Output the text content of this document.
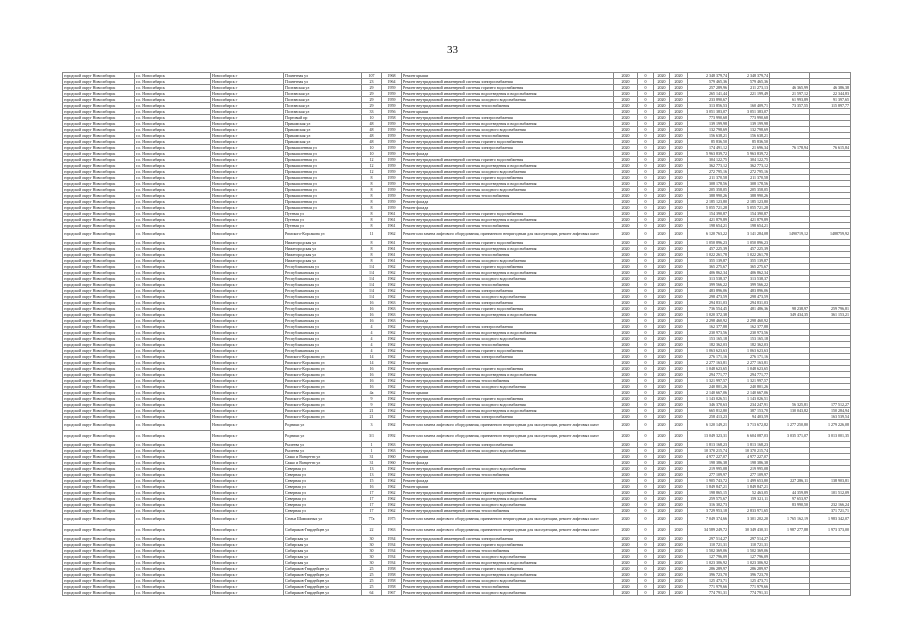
33
городской округ Новосибирск	г.о. Новосибирск	Новосибирск г	Планетная ул	107	1968	Ремонт крыши	2020	0	2020	2020	2 348 379,74	2 348 379,74		
городской округ Новосибирск	г.о. Новосибирск	Новосибирск г	Планетная ул	23	1964	Ремонт внутридомовой инженерной системы электроснабжения	2020	0	2020	2020	579 465,36	579 465,36		
городской округ Новосибирск	г.о. Новосибирск	Новосибирск г	Полтавская ул	29	1959	Ремонт внутридомовой инженерной системы горячего водоснабжения	2020	0	2020	2020	257 289,96	211 273,13	46 365,99	46 386,38
городской округ Новосибирск	г.о. Новосибирск	Новосибирск г	Полтавская ул	29	1959	Ремонт внутридомовой инженерной системы водоотведения и водоснабжения	2020	0	2020	2020	265 141,44	221 199,49	21 597,12	22 344,83
городской округ Новосибирск	г.о. Новосибирск	Новосибирск г	Полтавская ул	29	1959	Ремонт внутридомовой инженерной системы холодного водоснабжения	2020	0	2020	2020	233 890,67		61 993,89	91 397,65
городской округ Новосибирск	г.о. Новосибирск	Новосибирск г	Полтавская ул	29	1959	Ремонт внутридомовой инженерной системы теплоснабжения	2020	0	2020	2020	313 856,53	160 409,71	73 357,55	115 897,77
городской округ Новосибирск	г.о. Новосибирск	Новосибирск г	Полтавская ул	33	1956	Ремонт крыши	2020	0	2020	2020	3 051 383,07	3 051 383,07		
городской округ Новосибирск	г.о. Новосибирск	Новосибирск г	Портовый пр	10	1958	Ремонт внутридомовой инженерной системы электроснабжения	2020	0	2020	2020	773 990,68	773 990,68		
городской округ Новосибирск	г.о. Новосибирск	Новосибирск г	Прикамская ул	48	1959	Ремонт внутридомовой инженерной системы водоотведения и водоснабжения	2020	0	2020	2020	139 199,98	139 199,98		
городской округ Новосибирск	г.о. Новосибирск	Новосибирск г	Прикамская ул	48	1959	Ремонт внутридомовой инженерной системы холодного водоснабжения	2020	0	2020	2020	132 798,69	132 798,69		
городской округ Новосибирск	г.о. Новосибирск	Новосибирск г	Прикамская ул	48	1959	Ремонт внутридомовой инженерной системы теплоснабжения	2020	0	2020	2020	156 638,21	156 638,21		
городской округ Новосибирск	г.о. Новосибирск	Новосибирск г	Прикамская ул	48	1959	Ремонт внутридомовой инженерной системы горячего водоснабжения	2020	0	2020	2020	85 836,50	85 836,50		
городской округ Новосибирск	г.о. Новосибирск	Новосибирск г	Промышленная ул	10	1959	Ремонт внутридомовой инженерной системы электроснабжения	2020	0	2020	2020	174 491,12	21 696,34	76 178,94	76 615,84
городской округ Новосибирск	г.о. Новосибирск	Новосибирск г	Промышленная ул	10	1959	Ремонт фасада	2020	0	2020	2020	5 963 839,72	5 963 839,72		
городской округ Новосибирск	г.о. Новосибирск	Новосибирск г	Промышленная ул	12	1959	Ремонт внутридомовой инженерной системы горячего водоснабжения	2020	0	2020	2020	304 122,75	304 122,75		
городской округ Новосибирск	г.о. Новосибирск	Новосибирск г	Промышленная ул	12	1959	Ремонт внутридомовой инженерной системы водоотведения и водоснабжения	2020	0	2020	2020	362 773,12	362 773,12		
городской округ Новосибирск	г.о. Новосибирск	Новосибирск г	Промышленная ул	12	1959	Ремонт внутридомовой инженерной системы холодного водоснабжения	2020	0	2020	2020	272 795,16	272 795,16		
городской округ Новосибирск	г.о. Новосибирск	Новосибирск г	Промышленная ул	8	1959	Ремонт внутридомовой инженерной системы горячего водоснабжения	2020	0	2020	2020	211 370,58	211 370,58		
городской округ Новосибирск	г.о. Новосибирск	Новосибирск г	Промышленная ул	8	1959	Ремонт внутридомовой инженерной системы водоотведения и водоснабжения	2020	0	2020	2020	308 178,56	308 178,56		
городской округ Новосибирск	г.о. Новосибирск	Новосибирск г	Промышленная ул	8	1959	Ремонт внутридомовой инженерной системы холодного водоснабжения	2020	0	2020	2020	205 358,05	205 358,05		
городской округ Новосибирск	г.о. Новосибирск	Новосибирск г	Промышленная ул	8	1959	Ремонт внутридомовой инженерной системы теплоснабжения	2020	0	2020	2020	388 990,26	388 990,26		
городской округ Новосибирск	г.о. Новосибирск	Новосибирск г	Промышленная ул	8	1959	Ремонт фасада	2020	0	2020	2020	2 185 123,80	2 185 123,80		
городской округ Новосибирск	г.о. Новосибирск	Новосибирск г	Промышленная ул	8	1959	Ремонт фасада	2020	0	2020	2020	5 055 721,28	5 055 721,28		
городской округ Новосибирск	г.о. Новосибирск	Новосибирск г	Путевая ул	8	1961	Ремонт внутридомовой инженерной системы горячего водоснабжения	2020	0	2020	2020	154 390,87	154 390,87		
городской округ Новосибирск	г.о. Новосибирск	Новосибирск г	Путевая ул	8	1961	Ремонт внутридомовой инженерной системы водоотведения и водоснабжения	2020	0	2020	2020	421 879,89	421 879,89		
городской округ Новосибирск	г.о. Новосибирск	Новосибирск г	Путевая ул	8	1961	Ремонт внутридомовой инженерной системы теплоснабжения	2020	0	2020	2020	198 654,21	198 654,21		
городской округ Новосибирск	г.о. Новосибирск	Новосибирск г	Римского-Корсакова ул	11	1962	Ремонт или замена лифтового оборудования, признанного непригодным для эксплуатации, ремонт лифтовых шахт	2020	0	2020	2020	6 120 763,22	3 141 284,08	1490719,12	1488759,92
городской округ Новосибирск	г.о. Новосибирск	Новосибирск г	Нижегородская ул	8	1961	Ремонт внутридомовой инженерной системы горячего водоснабжения	2020	0	2020	2020	1 050 896,23	1 050 896,23		
городской округ Новосибирск	г.о. Новосибирск	Новосибирск г	Нижегородская ул	8	1961	Ремонт внутридомовой инженерной системы водоотведения и водоснабжения	2020	0	2020	2020	457 225,39	457 225,39		
городской округ Новосибирск	г.о. Новосибирск	Новосибирск г	Нижегородская ул	8	1961	Ремонт внутридомовой инженерной системы теплоснабжения	2020	0	2020	2020	1 022 261,78	1 022 261,78		
городской округ Новосибирск	г.о. Новосибирск	Новосибирск г	Нижегородская ул	8	1961	Ремонт внутридомовой инженерной системы холодного водоснабжения	2020	0	2020	2020	355 139,87	355 139,87		
городской округ Новосибирск	г.о. Новосибирск	Новосибирск г	Республиканская ул	1/4	1962	Ремонт внутридомовой инженерной системы горячего водоснабжения	2020	0	2020	2020	365 275,67	365 275,67		
городской округ Новосибирск	г.о. Новосибирск	Новосибирск г	Республиканская ул	1/4	1962	Ремонт внутридомовой инженерной системы водоотведения и водоснабжения	2020	0	2020	2020	406 862,34	406 862,34		
городской округ Новосибирск	г.о. Новосибирск	Новосибирск г	Республиканская ул	1/4	1962	Ремонт внутридомовой инженерной системы холодного водоснабжения	2020	0	2020	2020	313 538,37	313 538,37		
городской округ Новосибирск	г.о. Новосибирск	Новосибирск г	Республиканская ул	1/4	1962	Ремонт внутридомовой инженерной системы теплоснабжения	2020	0	2020	2020	399 566,22	399 566,22		
городской округ Новосибирск	г.о. Новосибирск	Новосибирск г	Республиканская ул	1/4	1962	Ремонт внутридомовой инженерной системы электроснабжения	2020	0	2020	2020	483 896,06	483 896,06		
городской округ Новосибирск	г.о. Новосибирск	Новосибирск г	Республиканская ул	1/4	1962	Ремонт внутридомовой инженерной системы холодного водоснабжения	2020	0	2020	2020	298 473,59	298 473,59		
городской округ Новосибирск	г.о. Новосибирск	Новосибирск г	Республиканская ул	16	1963	Ремонт внутридомовой инженерной системы электроснабжения	2020	0	2020	2020	294 831,03	294 831,03		
городской округ Новосибирск	г.о. Новосибирск	Новосибирск г	Республиканская ул	16	1963	Ремонт внутридомовой инженерной системы горячего водоснабжения	2020	0	2020	2020	736 554,45	481 486,36	98 238,97	259 796,81
городской округ Новосибирск	г.о. Новосибирск	Новосибирск г	Республиканская ул	16	1963	Ремонт внутридомовой инженерной системы водоотведения и водоснабжения	2020	0	2020	2020	1 020 372,38		349 434,35	361 153,21
городской округ Новосибирск	г.о. Новосибирск	Новосибирск г	Республиканская ул	16	1963	Ремонт фасада	2020	0	2020	2020	2 298 460,92	2 298 460,92		
городской округ Новосибирск	г.о. Новосибирск	Новосибирск г	Республиканская ул	4	1962	Ремонт внутридомовой инженерной системы электроснабжения	2020	0	2020	2020	162 377,88	162 377,88		
городской округ Новосибирск	г.о. Новосибирск	Новосибирск г	Республиканская ул	4	1962	Ремонт внутридомовой инженерной системы водоотведения и водоснабжения	2020	0	2020	2020	230 973,56	230 973,56		
городской округ Новосибирск	г.о. Новосибирск	Новосибирск г	Республиканская ул	4	1962	Ремонт внутридомовой инженерной системы холодного водоснабжения	2020	0	2020	2020	153 165,18	153 165,18		
городской округ Новосибирск	г.о. Новосибирск	Новосибирск г	Республиканская ул	4	1962	Ремонт внутридомовой инженерной системы теплоснабжения	2020	0	2020	2020	182 362,03	182 362,03		
городской округ Новосибирск	г.о. Новосибирск	Новосибирск г	Республиканская ул	4	1962	Ремонт внутридомовой инженерной системы горячего водоснабжения	2020	0	2020	2020	1 063 623,63	1 063 623,63		
городской округ Новосибирск	г.о. Новосибирск	Новосибирск г	Римского-Корсакова ул	14	1962	Ремонт внутридомовой инженерной системы электроснабжения	2020	0	2020	2020	276 171,16	276 171,16		
городской округ Новосибирск	г.о. Новосибирск	Новосибирск г	Римского-Корсакова ул	14	1962	Ремонт крыши	2020	0	2020	2020	2 277 163,81	2 277 163,81		
городской округ Новосибирск	г.о. Новосибирск	Новосибирск г	Римского-Корсакова ул	16	1962	Ремонт внутридомовой инженерной системы горячего водоснабжения	2020	0	2020	2020	1 048 623,65	1 048 623,65		
городской округ Новосибирск	г.о. Новосибирск	Новосибирск г	Римского-Корсакова ул	16	1962	Ремонт внутридомовой инженерной системы водоотведения и водоснабжения	2020	0	2020	2020	294 771,77	294 771,77		
городской округ Новосибирск	г.о. Новосибирск	Новосибирск г	Римского-Корсакова ул	16	1962	Ремонт внутридомовой инженерной системы теплоснабжения	2020	0	2020	2020	1 321 997,57	1 321 997,57		
городской округ Новосибирск	г.о. Новосибирск	Новосибирск г	Римского-Корсакова ул	16	1962	Ремонт внутридомовой инженерной системы холодного водоснабжения	2020	0	2020	2020	240 801,26	240 801,26		
городской округ Новосибирск	г.о. Новосибирск	Новосибирск г	Римского-Корсакова ул	4а	1962	Ремонт крыши	2020	0	2020	2020	2 140 667,06	2 140 667,06		
городской округ Новосибирск	г.о. Новосибирск	Новосибирск г	Римского-Корсакова ул	9	1962	Ремонт внутридомовой инженерной системы горячего водоснабжения	2020	0	2020	2020	1 143 026,51	1 143 026,51		
городской округ Новосибирск	г.о. Новосибирск	Новосибирск г	Римского-Корсакова ул	9	1962	Ремонт внутридомовой инженерной системы холодного водоснабжения	2020	0	2020	2020	346 370,63	234 247,91	56 325,81	177 512,27
городской округ Новосибирск	г.о. Новосибирск	Новосибирск г	Римского-Корсакова ул	21	1962	Ремонт внутридомовой инженерной системы водоотведения и водоснабжения	2020	0	2020	2020	665 812,80	387 153,70	130 043,82	150 284,94
городской округ Новосибирск	г.о. Новосибирск	Новосибирск г	Римского-Корсакова ул	21	1962	Ремонт внутридомовой инженерной системы электроснабжения	2020	0	2020	2020	258 413,23	94 403,59		163 539,54
городской округ Новосибирск	г.о. Новосибирск	Новосибирск г	Родники ул	3	1962	Ремонт или замена лифтового оборудования, признанного непригодным для эксплуатации, ремонт лифтовых шахт	2020	0	2020	2020	6 120 149,21	3 713 672,82	1 277 250,80	1 279 226,08
городской округ Новосибирск	г.о. Новосибирск	Новосибирск г	Родники ул	3/1	1992	Ремонт или замена лифтового оборудования, признанного непригодным для эксплуатации, ремонт лифтовых шахт	2020	0	2020	2020	13 049 323,31	6 604 087,03	3 035 371,07	3 013 001,35
городской округ Новосибирск	г.о. Новосибирск	Новосибирск г	Рылеева ул	1	1963	Ремонт внутридомовой инженерной системы электроснабжения	2020	0	2020	2020	1 813 168,23	1 813 168,23		
городской округ Новосибирск	г.о. Новосибирск	Новосибирск г	Рылеева ул	1	1963	Ремонт внутридомовой инженерной системы холодного водоснабжения	2020	0	2020	2020	10 370 215,74	10 370 215,74		
городской округ Новосибирск	г.о. Новосибирск	Новосибирск г	Сакко и Ванцетти ул	31	1960	Ремонт крыши	2020	0	2020	2020	4 977 227,07	4 977 227,07		
городской округ Новосибирск	г.о. Новосибирск	Новосибирск г	Сакко и Ванцетти ул	31	1960	Ремонт фасада	2020	0	2020	2020	198 386,38	198 386,38		
городской округ Новосибирск	г.о. Новосибирск	Новосибирск г	Северная ул	13	1962	Ремонт внутридомовой инженерной системы холодного водоснабжения	2020	0	2020	2020	219 995,08	219 995,08		
городской округ Новосибирск	г.о. Новосибирск	Новосибирск г	Северная ул	13	1962	Ремонт внутридомовой инженерной системы теплоснабжения	2020	0	2020	2020	277 109,97	277 109,97		
городской округ Новосибирск	г.о. Новосибирск	Новосибирск г	Северная ул	15	1962	Ремонт фасада	2020	0	2020	2020	1 905 743,72	1 499 653,80	227 286,11	138 903,81
городской округ Новосибирск	г.о. Новосибирск	Новосибирск г	Северная ул	16	1962	Ремонт крыши	2020	0	2020	2020	1 849 847,21	1 849 847,21		
городской округ Новосибирск	г.о. Новосибирск	Новосибирск г	Северная ул	17	1962	Ремонт внутридомовой инженерной системы горячего водоснабжения	2020	0	2020	2020	198 865,15	52 463,05	44 359,89	101 512,09
городской округ Новосибирск	г.о. Новосибирск	Новосибирск г	Северная ул	17	1962	Ремонт внутридомовой инженерной системы водоотведения и водоснабжения	2020	0	2020	2020	259 575,67	159 321,11	97 653,97	
городской округ Новосибирск	г.о. Новосибирск	Новосибирск г	Северная ул	17	1962	Ремонт внутридомовой инженерной системы холодного водоснабжения	2020	0	2020	2020	316 302,73		83 990,50	232 166,24
городской округ Новосибирск	г.о. Новосибирск	Новосибирск г	Северная ул	17	1962	Ремонт внутридомовой инженерной системы теплоснабжения	2020	0	2020	2020	3 729 953,18	2 833 971,65		371 721,71
городской округ Новосибирск	г.о. Новосибирск	Новосибирск г	Семьи Шамшиных ул	77а	1975	Ремонт или замена лифтового оборудования, признанного непригодным для эксплуатации, ремонт лифтовых шахт	2020	0	2020	2020	7 049 374,66	3 301 202,20	1 765 162,19	1 983 342,07
городской округ Новосибирск	г.о. Новосибирск	Новосибирск г	Сибиряков-Гвардейцев ул	22	1963	Ремонт или замена лифтового оборудования, признанного непригодным для эксплуатации, ремонт лифтовых шахт	2020	0	2020	2020	34 589 249,72	30 349 430,31	1 987 277,88	1 973 373,00
городской округ Новосибирск	г.о. Новосибирск	Новосибирск г	Сибирская ул	30	1934	Ремонт внутридомовой инженерной системы электроснабжения	2020	0	2020	2020	297 514,27	297 514,27		
городской округ Новосибирск	г.о. Новосибирск	Новосибирск г	Сибирская ул	30	1934	Ремонт внутридомовой инженерной системы горячего водоснабжения	2020	0	2020	2020	110 721,31	110 721,31		
городской округ Новосибирск	г.о. Новосибирск	Новосибирск г	Сибирская ул	30	1934	Ремонт внутридомовой инженерной системы теплоснабжения	2020	0	2020	2020	1 502 369,06	1 502 369,06		
городской округ Новосибирск	г.о. Новосибирск	Новосибирск г	Сибирская ул	30	1934	Ремонт внутридомовой инженерной системы холодного водоснабжения	2020	0	2020	2020	127 796,09	127 796,09		
городской округ Новосибирск	г.о. Новосибирск	Новосибирск г	Сибирская ул	30	1934	Ремонт внутридомовой инженерной системы водоотведения и водоснабжения	2020	0	2020	2020	1 023 306,92	1 023 306,92		
городской округ Новосибирск	г.о. Новосибирск	Новосибирск г	Сибиряков-Гвардейцев ул	25	1958	Ремонт внутридомовой инженерной системы горячего водоснабжения	2020	0	2020	2020	286 289,97	286 289,97		
городской округ Новосибирск	г.о. Новосибирск	Новосибирск г	Сибиряков-Гвардейцев ул	25	1958	Ремонт внутридомовой инженерной системы водоотведения и водоснабжения	2020	0	2020	2020	396 723,70	396 723,70		
городской округ Новосибирск	г.о. Новосибирск	Новосибирск г	Сибиряков-Гвардейцев ул	25	1958	Ремонт внутридомовой инженерной системы холодного водоснабжения	2020	0	2020	2020	125 473,71	125 473,71		
городской округ Новосибирск	г.о. Новосибирск	Новосибирск г	Сибиряков-Гвардейцев ул	25	1958	Ремонт внутридомовой инженерной системы теплоснабжения	2020	0	2020	2020	771 979,66	771 979,66		
городской округ Новосибирск	г.о. Новосибирск	Новосибирск г	Сибиряков-Гвардейцев ул	64	1967	Ремонт внутридомовой инженерной системы холодного водоснабжения	2020	0	2020	2020	774 791,31	774 791,31		
